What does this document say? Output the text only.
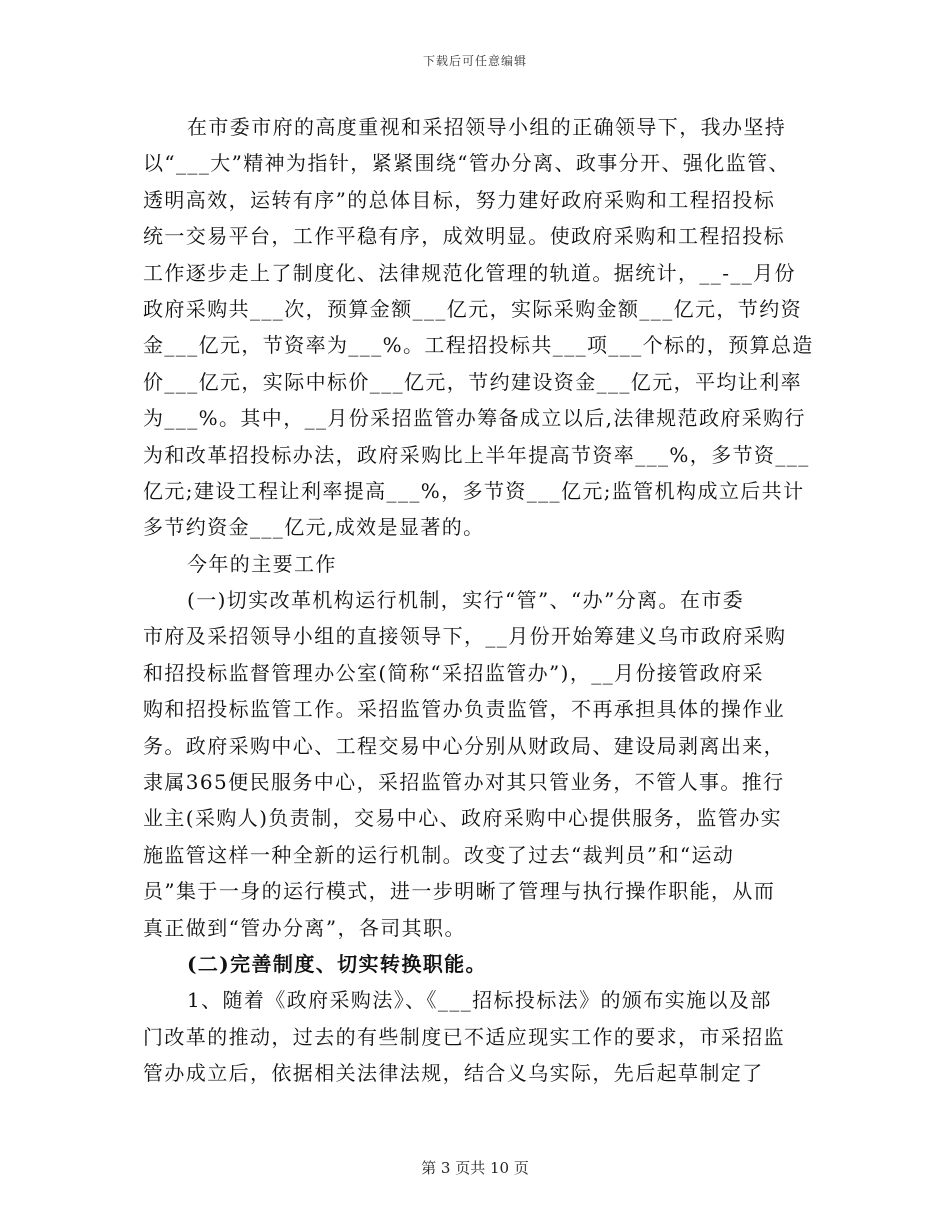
下载后可任意编辑
在市委市府的高度重视和采招领导小组的正确领导下，我办坚持
以“___大”精神为指针，紧紧围绕“管办分离、政事分开、强化监管、
透明高效，运转有序”的总体目标，努力建好政府采购和工程招投标
统一交易平台，工作平稳有序，成效明显。使政府采购和工程招投标
工作逐步走上了制度化、法律规范化管理的轨道。据统计，__-__月份
政府采购共___次，预算金额___亿元，实际采购金额___亿元，节约资
金___亿元，节资率为___%。工程招投标共___项___个标的，预算总造
价___亿元，实际中标价___亿元，节约建设资金___亿元，平均让利率
为___%。其中，__月份采招监管办筹备成立以后,法律规范政府采购行
为和改革招投标办法，政府采购比上半年提高节资率___%，多节资___
亿元;建设工程让利率提高___%，多节资___亿元;监管机构成立后共计
多节约资金___亿元,成效是显著的。
今年的主要工作
(一)切实改革机构运行机制，实行“管”、“办”分离。在市委
市府及采招领导小组的直接领导下，__月份开始筹建义乌市政府采购
和招投标监督管理办公室(简称“采招监管办”)，__月份接管政府采
购和招投标监管工作。采招监管办负责监管，不再承担具体的操作业
务。政府采购中心、工程交易中心分别从财政局、建设局剥离出来，
隶属365便民服务中心，采招监管办对其只管业务，不管人事。推行
业主(采购人)负责制，交易中心、政府采购中心提供服务，监管办实
施监管这样一种全新的运行机制。改变了过去“裁判员”和“运动
员”集于一身的运行模式，进一步明晰了管理与执行操作职能，从而
真正做到“管办分离”，各司其职。
(二)完善制度、切实转换职能。
1、随着《政府采购法》、《___招标投标法》的颁布实施以及部
门改革的推动，过去的有些制度已不适应现实工作的要求，市采招监
管办成立后，依据相关法律法规，结合义乌实际，先后起草制定了
第 3 页共 10 页
